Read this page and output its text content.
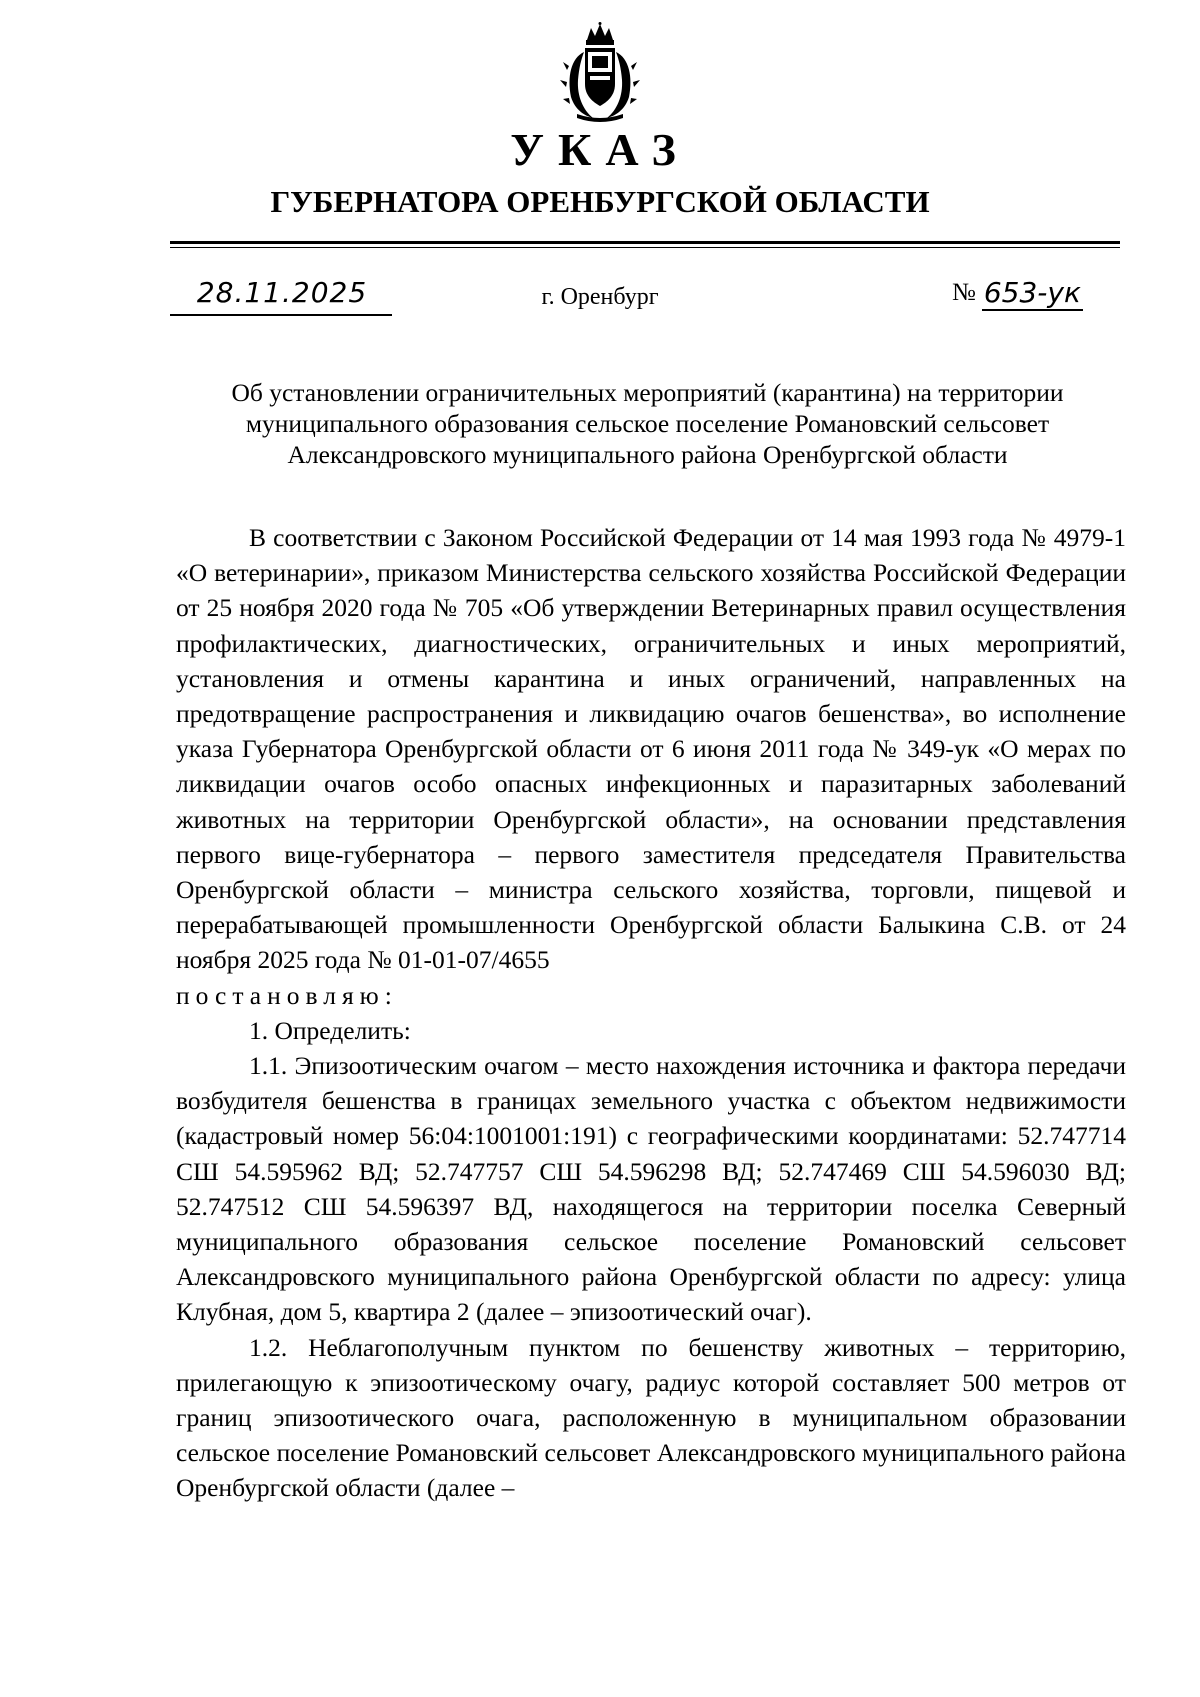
УКАЗ
ГУБЕРНАТОРА ОРЕНБУРГСКОЙ ОБЛАСТИ
28.11.2025	г. Оренбург	№ 653-ук
Об установлении ограничительных мероприятий (карантина) на территории муниципального образования сельское поселение Романовский сельсовет Александровского муниципального района Оренбургской области

В соответствии с Законом Российской Федерации от 14 мая 1993 года № 4979-1 «О ветеринарии», приказом Министерства сельского хозяйства Российской Федерации от 25 ноября 2020 года № 705 «Об утверждении Ветеринарных правил осуществления профилактических, диагностических, ограничительных и иных мероприятий, установления и отмены карантина и иных ограничений, направленных на предотвращение распространения и ликвидацию очагов бешенства», во исполнение указа Губернатора Оренбургской области от 6 июня 2011 года № 349-ук «О мерах по ликвидации очагов особо опасных инфекционных и паразитарных заболеваний животных на территории Оренбургской области», на основании представления первого вице-губернатора – первого заместителя председателя Правительства Оренбургской области – министра сельского хозяйства, торговли, пищевой и перерабатывающей промышленности Оренбургской области Балыкина С.В. от 24 ноября 2025 года № 01-01-07/4655

постановляю:

1. Определить:

1.1. Эпизоотическим очагом – место нахождения источника и фактора передачи возбудителя бешенства в границах земельного участка с объектом недвижимости (кадастровый номер 56:04:1001001:191) с географическими координатами: 52.747714 СШ 54.595962 ВД; 52.747757 СШ 54.596298 ВД; 52.747469 СШ 54.596030 ВД; 52.747512 СШ 54.596397 ВД, находящегося на территории поселка Северный муниципального образования сельское поселение Романовский сельсовет Александровского муниципального района Оренбургской области по адресу: улица Клубная, дом 5, квартира 2 (далее – эпизоотический очаг).

1.2. Неблагополучным пунктом по бешенству животных – территорию, прилегающую к эпизоотическому очагу, радиус которой составляет 500 метров от границ эпизоотического очага, расположенную в муниципальном образовании сельское поселение Романовский сельсовет Александровского муниципального района Оренбургской области (далее –
